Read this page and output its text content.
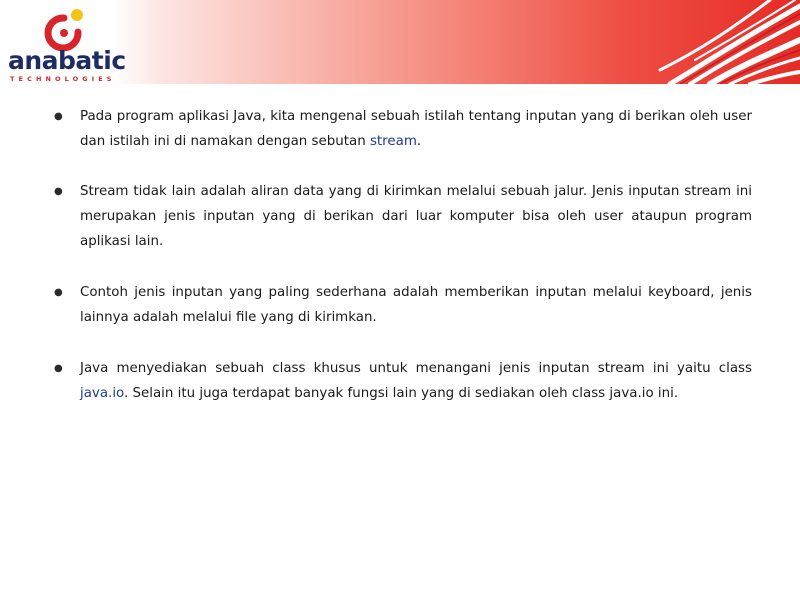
anabatic
TECHNOLOGIES
● Pada program aplikasi Java, kita mengenal sebuah istilah tentang inputan yang di berikan oleh user dan istilah ini di namakan dengan sebutan stream.
● Stream tidak lain adalah aliran data yang di kirimkan melalui sebuah jalur. Jenis inputan stream ini merupakan jenis inputan yang di berikan dari luar komputer bisa oleh user ataupun program aplikasi lain.
● Contoh jenis inputan yang paling sederhana adalah memberikan inputan melalui keyboard, jenis lainnya adalah melalui file yang di kirimkan.
● Java menyediakan sebuah class khusus untuk menangani jenis inputan stream ini yaitu class java.io. Selain itu juga terdapat banyak fungsi lain yang di sediakan oleh class java.io ini.
